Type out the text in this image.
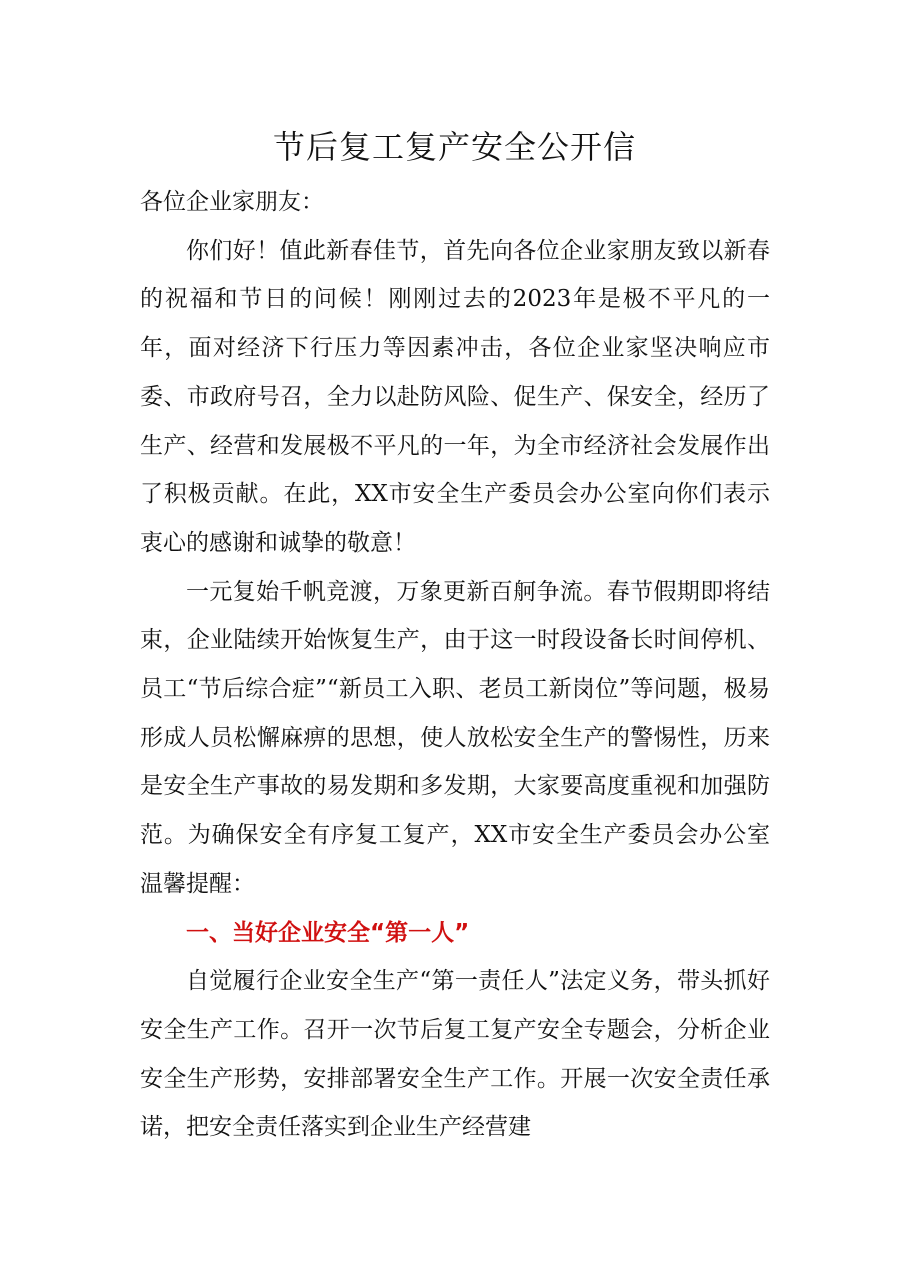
节后复工复产安全公开信

各位企业家朋友：

你们好！值此新春佳节，首先向各位企业家朋友致以新春的祝福和节日的问候！刚刚过去的2023年是极不平凡的一年，面对经济下行压力等因素冲击，各位企业家坚决响应市委、市政府号召，全力以赴防风险、促生产、保安全，经历了生产、经营和发展极不平凡的一年，为全市经济社会发展作出了积极贡献。在此，XX市安全生产委员会办公室向你们表示衷心的感谢和诚挚的敬意！

一元复始千帆竞渡，万象更新百舸争流。春节假期即将结束，企业陆续开始恢复生产，由于这一时段设备长时间停机、员工“节后综合症”“新员工入职、老员工新岗位”等问题，极易形成人员松懈麻痹的思想，使人放松安全生产的警惕性，历来是安全生产事故的易发期和多发期，大家要高度重视和加强防范。为确保安全有序复工复产，XX市安全生产委员会办公室温馨提醒：

一、当好企业安全“第一人”

自觉履行企业安全生产“第一责任人”法定义务，带头抓好安全生产工作。召开一次节后复工复产安全专题会，分析企业安全生产形势，安排部署安全生产工作。开展一次安全责任承诺，把安全责任落实到企业生产经营建
